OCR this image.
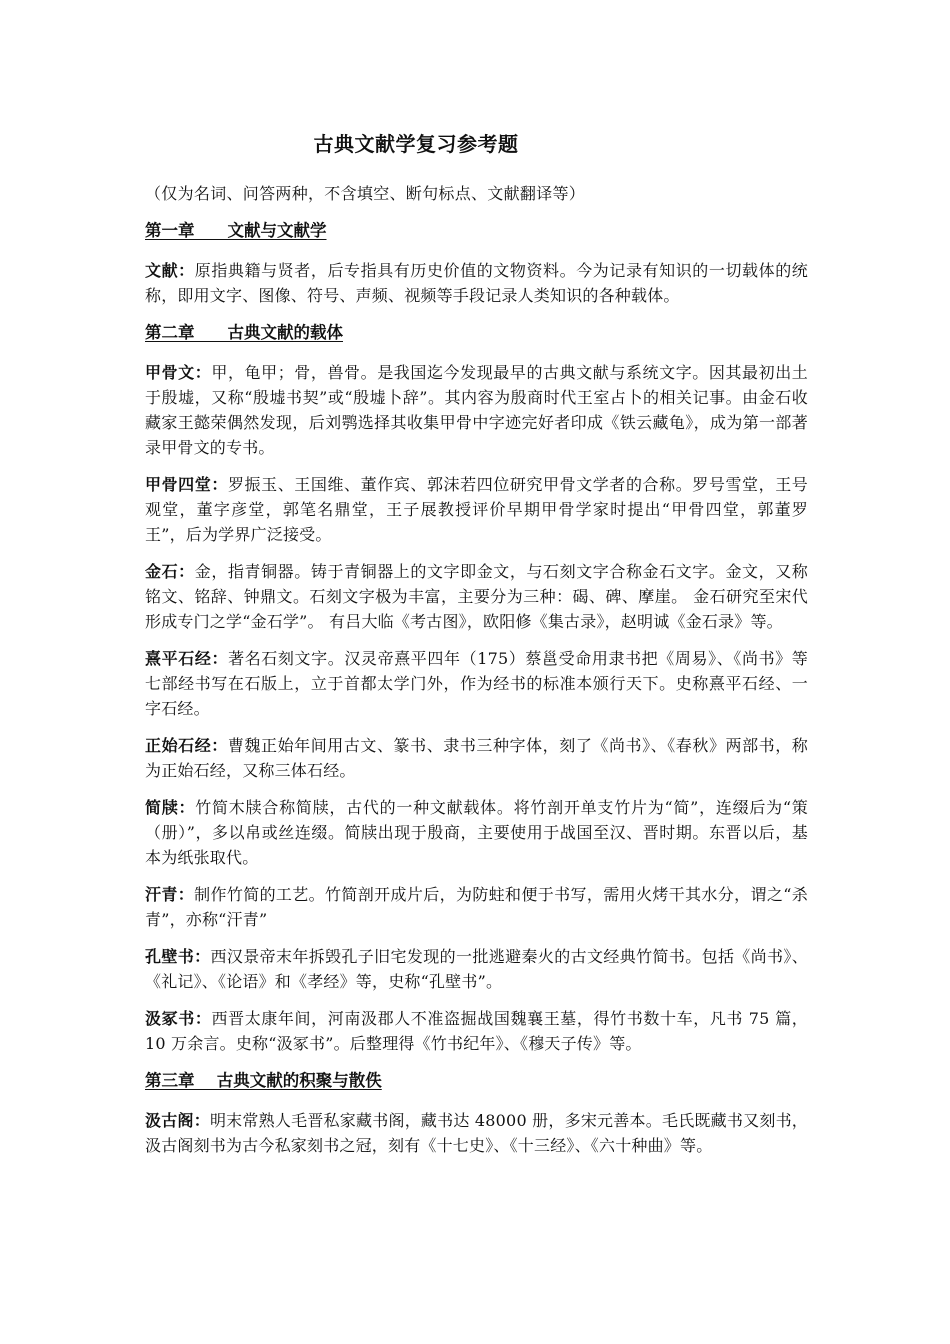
古典文献学复习参考题
（仅为名词、问答两种，不含填空、断句标点、文献翻译等）
第一章　　文献与文献学

文献：原指典籍与贤者，后专指具有历史价值的文物资料。今为记录有知识的一切载体的统称，即用文字、图像、符号、声频、视频等手段记录人类知识的各种载体。

第二章　　古典文献的载体

甲骨文：甲，龟甲；骨，兽骨。是我国迄今发现最早的古典文献与系统文字。因其最初出土于殷墟，又称“殷墟书契”或“殷墟卜辞”。其内容为殷商时代王室占卜的相关记事。由金石收藏家王懿荣偶然发现，后刘鹗选择其收集甲骨中字迹完好者印成《铁云藏龟》，成为第一部著录甲骨文的专书。

甲骨四堂：罗振玉、王国维、董作宾、郭沫若四位研究甲骨文学者的合称。罗号雪堂，王号观堂，董字彦堂，郭笔名鼎堂，王子展教授评价早期甲骨学家时提出“甲骨四堂，郭董罗王”，后为学界广泛接受。

金石：金，指青铜器。铸于青铜器上的文字即金文，与石刻文字合称金石文字。金文，又称铭文、铭辞、钟鼎文。石刻文字极为丰富，主要分为三种：碣、碑、摩崖。 金石研究至宋代形成专门之学“金石学”。 有吕大临《考古图》，欧阳修《集古录》，赵明诚《金石录》等。

熹平石经：著名石刻文字。汉灵帝熹平四年（175）蔡邕受命用隶书把《周易》、《尚书》等七部经书写在石版上，立于首都太学门外，作为经书的标准本颁行天下。史称熹平石经、一字石经。

正始石经：曹魏正始年间用古文、篆书、隶书三种字体，刻了《尚书》、《春秋》两部书，称为正始石经，又称三体石经。

简牍：竹简木牍合称简牍，古代的一种文献载体。将竹剖开单支竹片为“简”，连缀后为“策（册）”，多以帛或丝连缀。简牍出现于殷商，主要使用于战国至汉、晋时期。东晋以后，基本为纸张取代。

汗青：制作竹简的工艺。竹简剖开成片后，为防蛀和便于书写，需用火烤干其水分，谓之“杀青”，亦称“汗青”

孔壁书：西汉景帝末年拆毁孔子旧宅发现的一批逃避秦火的古文经典竹简书。包括《尚书》、《礼记》、《论语》和《孝经》等，史称“孔壁书”。

汲冢书：西晋太康年间，河南汲郡人不准盗掘战国魏襄王墓，得竹书数十车，凡书 75 篇，10 万余言。史称“汲冢书”。后整理得《竹书纪年》、《穆天子传》等。

第三章　 古典文献的积聚与散佚

汲古阁：明末常熟人毛晋私家藏书阁，藏书达 48000 册，多宋元善本。毛氏既藏书又刻书，汲古阁刻书为古今私家刻书之冠，刻有《十七史》、《十三经》、《六十种曲》等。
